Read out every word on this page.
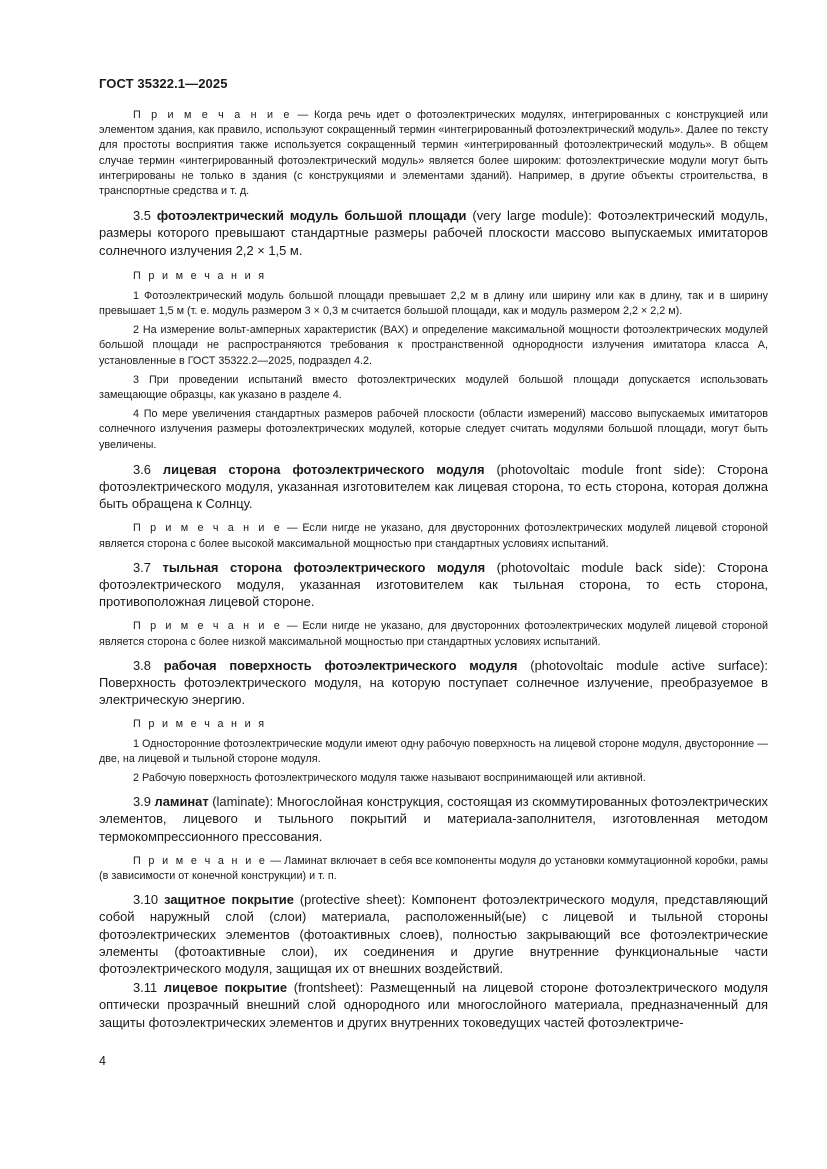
ГОСТ 35322.1—2025

П р и м е ч а н и е — Когда речь идет о фотоэлектрических модулях, интегрированных с конструкцией или элементом здания, как правило, используют сокращенный термин «интегрированный фотоэлектрический модуль». Далее по тексту для простоты восприятия также используется сокращенный термин «интегрированный фотоэлектрический модуль». В общем случае термин «интегрированный фотоэлектрический модуль» является более широким: фотоэлектрические модули могут быть интегрированы не только в здания (с конструкциями и элементами зданий). Например, в другие объекты строительства, в транспортные средства и т. д.

3.5 фотоэлектрический модуль большой площади (very large module): Фотоэлектрический модуль, размеры которого превышают стандартные размеры рабочей плоскости массово выпускаемых имитаторов солнечного излучения 2,2 × 1,5 м.

П р и м е ч а н и я

1 Фотоэлектрический модуль большой площади превышает 2,2 м в длину или ширину или как в длину, так и в ширину превышает 1,5 м (т. е. модуль размером 3 × 0,3 м считается большой площади, как и модуль размером 2,2 × 2,2 м).

2 На измерение вольт-амперных характеристик (ВАХ) и определение максимальной мощности фотоэлектрических модулей большой площади не распространяются требования к пространственной однородности излучения имитатора класса А, установленные в ГОСТ 35322.2—2025, подраздел 4.2.

3 При проведении испытаний вместо фотоэлектрических модулей большой площади допускается использовать замещающие образцы, как указано в разделе 4.

4 По мере увеличения стандартных размеров рабочей плоскости (области измерений) массово выпускаемых имитаторов солнечного излучения размеры фотоэлектрических модулей, которые следует считать модулями большой площади, могут быть увеличены.

3.6 лицевая сторона фотоэлектрического модуля (photovoltaic module front side): Сторона фотоэлектрического модуля, указанная изготовителем как лицевая сторона, то есть сторона, которая должна быть обращена к Солнцу.

П р и м е ч а н и е — Если нигде не указано, для двусторонних фотоэлектрических модулей лицевой стороной является сторона с более высокой максимальной мощностью при стандартных условиях испытаний.

3.7 тыльная сторона фотоэлектрического модуля (photovoltaic module back side): Сторона фотоэлектрического модуля, указанная изготовителем как тыльная сторона, то есть сторона, противоположная лицевой стороне.

П р и м е ч а н и е — Если нигде не указано, для двусторонних фотоэлектрических модулей лицевой стороной является сторона с более низкой максимальной мощностью при стандартных условиях испытаний.

3.8 рабочая поверхность фотоэлектрического модуля (photovoltaic module active surface): Поверхность фотоэлектрического модуля, на которую поступает солнечное излучение, преобразуемое в электрическую энергию.

П р и м е ч а н и я

1 Односторонние фотоэлектрические модули имеют одну рабочую поверхность на лицевой стороне модуля, двусторонние — две, на лицевой и тыльной стороне модуля.

2 Рабочую поверхность фотоэлектрического модуля также называют воспринимающей или активной.

3.9 ламинат (laminate): Многослойная конструкция, состоящая из скоммутированных фотоэлектрических элементов, лицевого и тыльного покрытий и материала-заполнителя, изготовленная методом термокомпрессионного прессования.

П р и м е ч а н и е — Ламинат включает в себя все компоненты модуля до установки коммутационной коробки, рамы (в зависимости от конечной конструкции) и т. п.

3.10 защитное покрытие (protective sheet): Компонент фотоэлектрического модуля, представляющий собой наружный слой (слои) материала, расположенный(ые) с лицевой и тыльной стороны фотоэлектрических элементов (фотоактивных слоев), полностью закрывающий все фотоэлектрические элементы (фотоактивные слои), их соединения и другие внутренние функциональные части фотоэлектрического модуля, защищая их от внешних воздействий.

3.11 лицевое покрытие (frontsheet): Размещенный на лицевой стороне фотоэлектрического модуля оптически прозрачный внешний слой однородного или многослойного материала, предназначенный для защиты фотоэлектрических элементов и других внутренних токоведущих частей фотоэлектриче-

4
